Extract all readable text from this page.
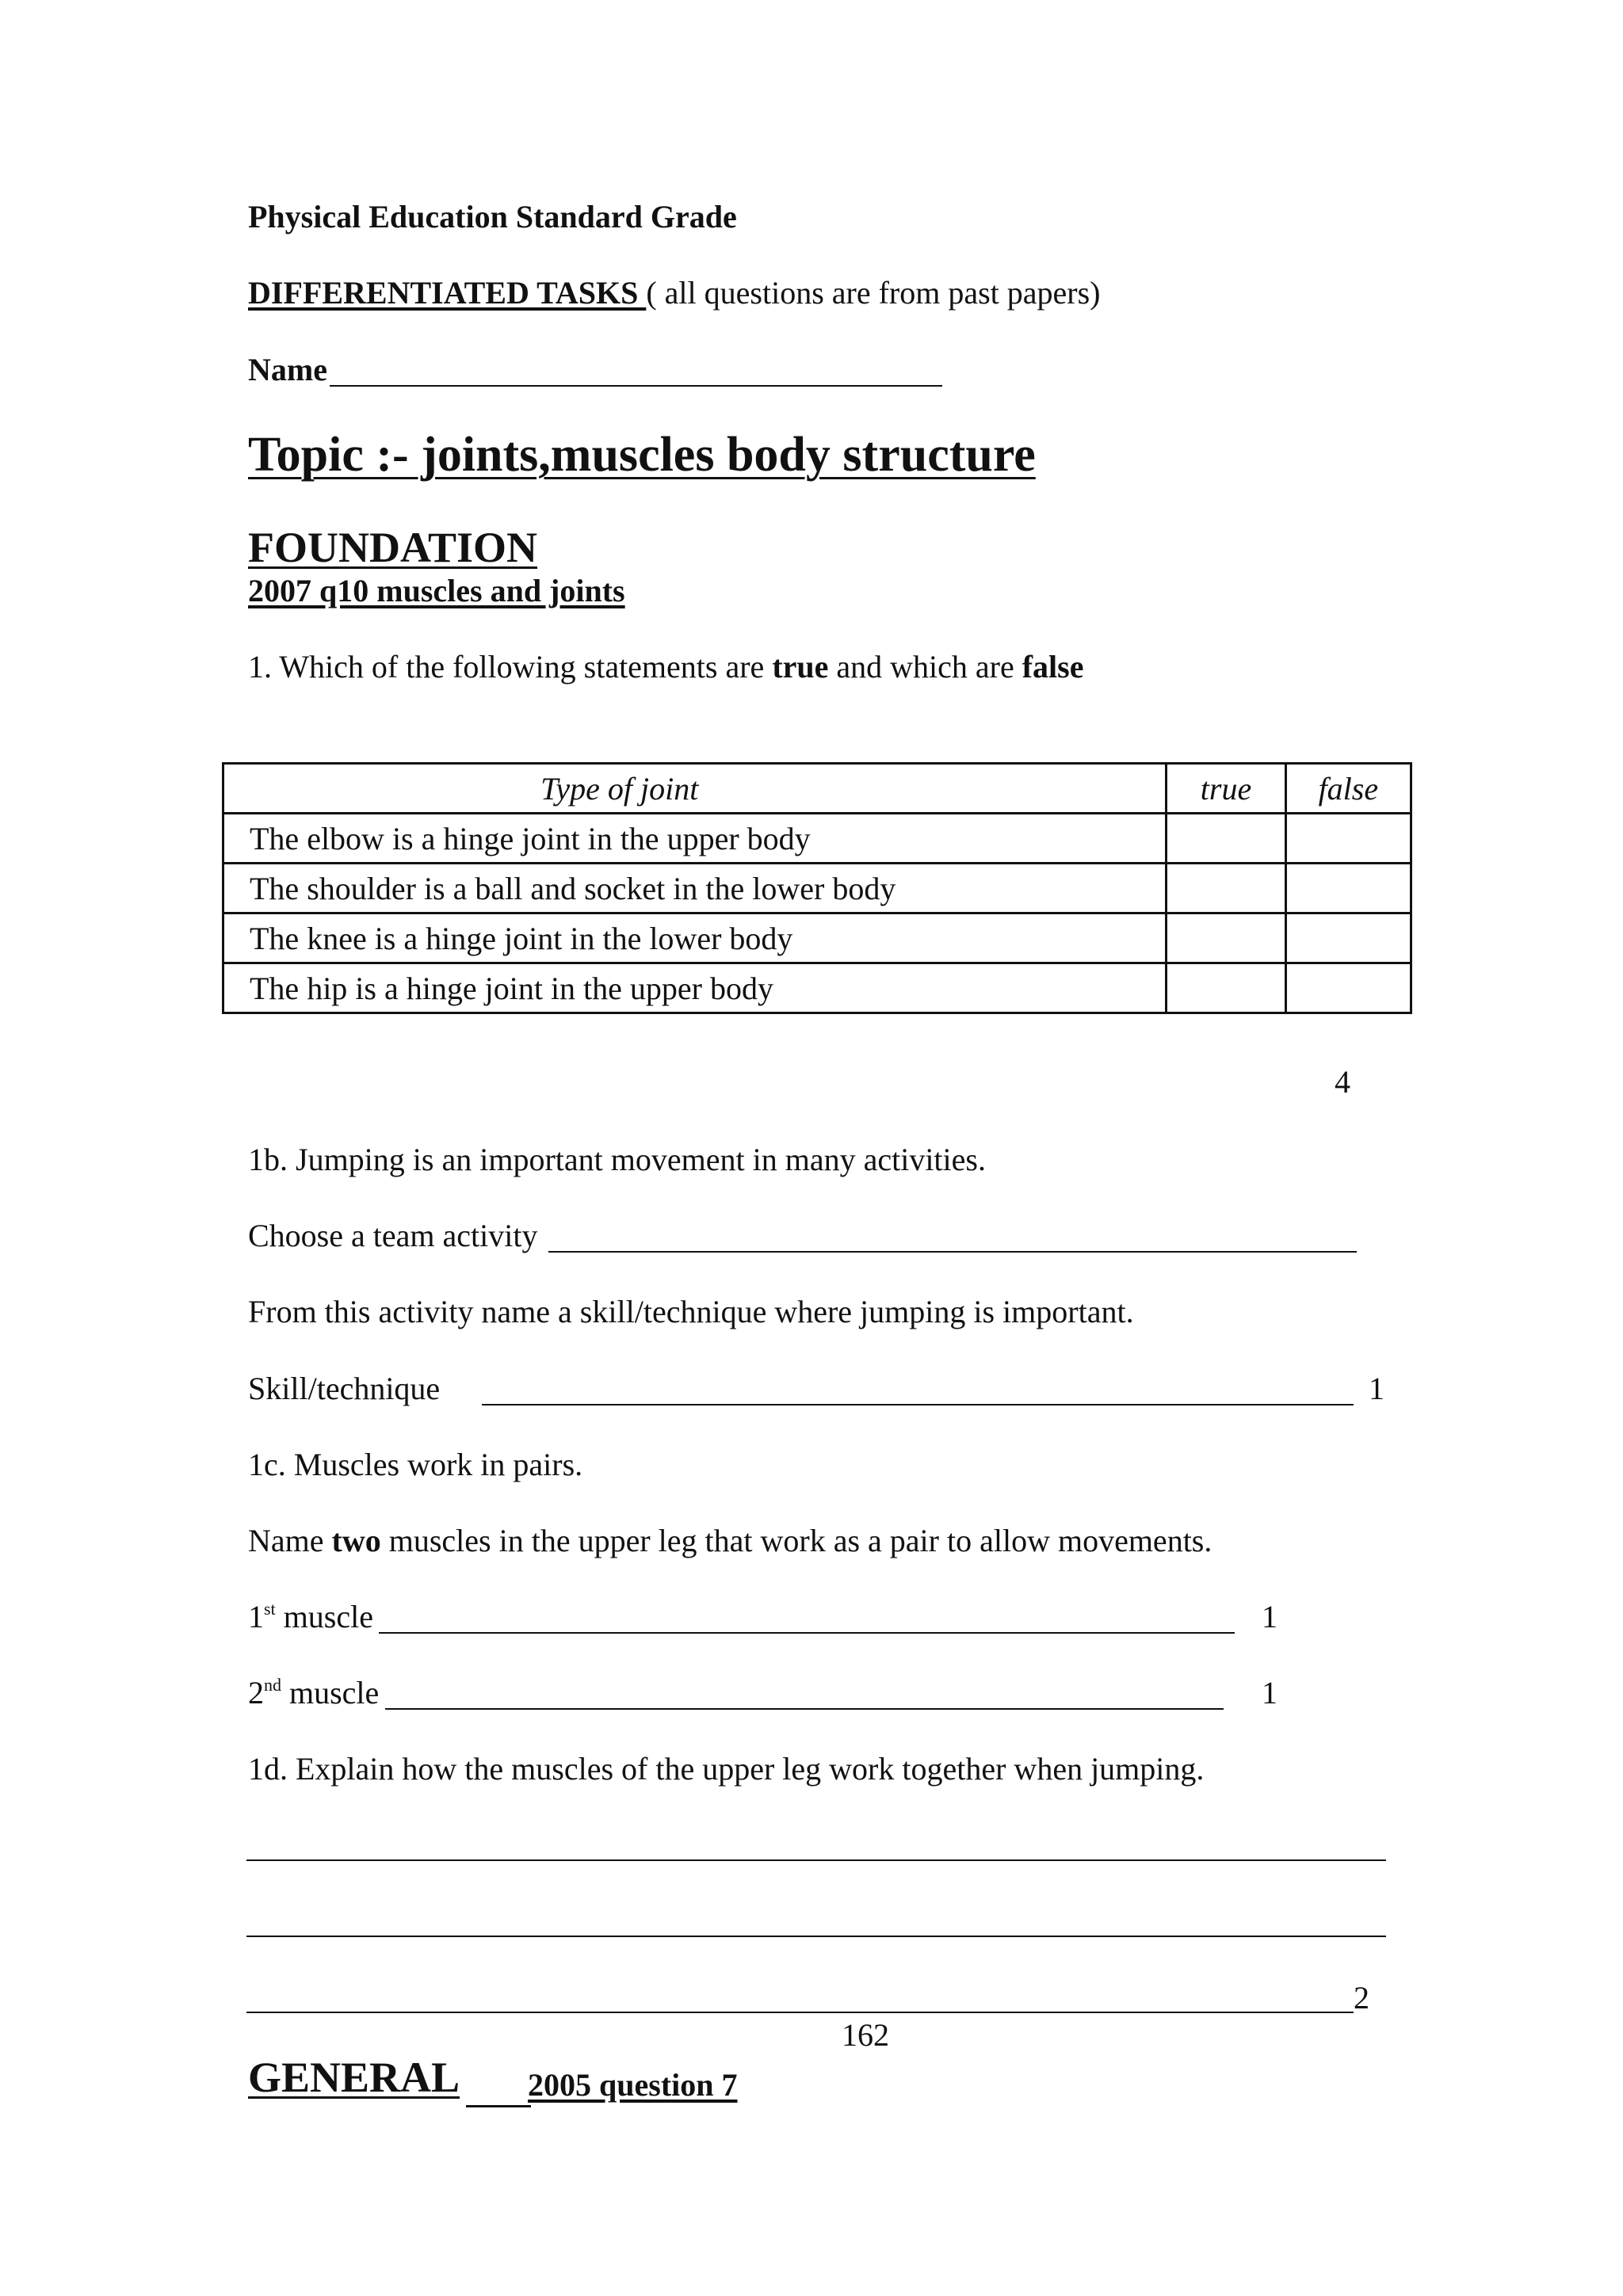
Physical Education Standard Grade
DIFFERENTIATED TASKS ( all questions are from past papers)
Name
Topic :- joints,muscles body structure
FOUNDATION
2007 q10 muscles and joints
1. Which of the following statements are true and which are false
Type of joint	true	false
The elbow is a hinge joint in the upper body		
The shoulder is a ball and socket in the lower body		
The knee is a hinge joint in the lower body		
The hip is a hinge joint in the upper body		
4
1b. Jumping is an important movement in many activities.
Choose a team activity
From this activity name a skill/technique where jumping is important.
Skill/technique	1
1c. Muscles work in pairs.
Name two muscles in the upper leg that work as a pair to allow movements.
1st muscle	1
2nd muscle	1
1d. Explain how the muscles of the upper leg work together when jumping.
2
162
GENERAL 2005 question 7
